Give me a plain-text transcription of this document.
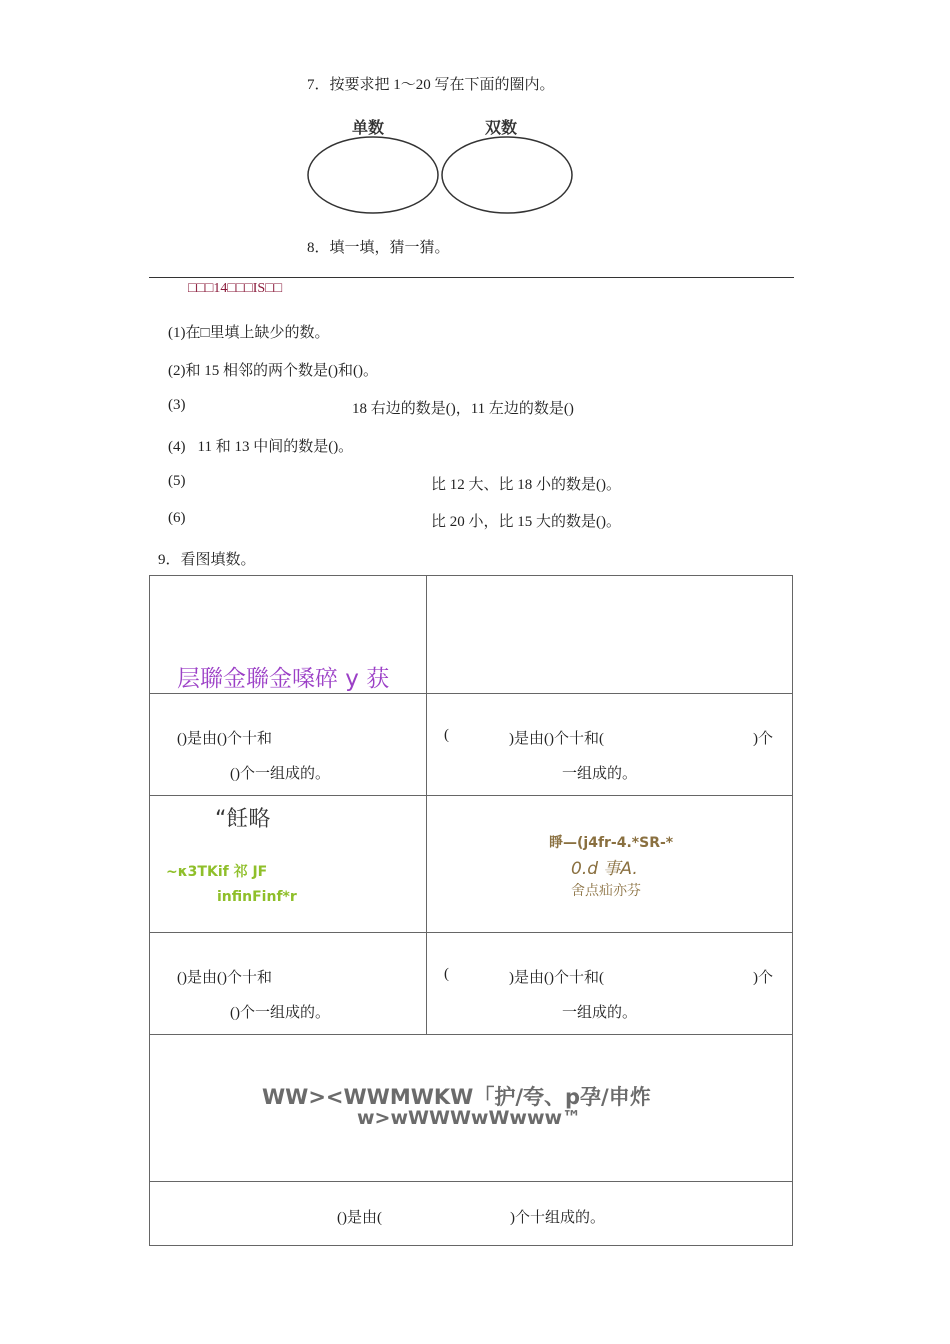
7．按要求把 1～20 写在下面的圈内。
单数	双数
8．填一填，猜一猜。
□□□14□□□IS□□
(1)在□里填上缺少的数。
(2)和 15 相邻的两个数是()和()。
(3)	18 右边的数是()，11 左边的数是()
(4) 11 和 13 中间的数是()。
(5)	比 12 大、比 18 小的数是()。
(6)	比 20 小，比 15 大的数是()。
9．看图填数。
层聯金聯金嗓碎 y 获
()是由()个十和
()个一组成的。
(	)是由()个十和(	)个
一组成的。
“飪略
~κ3TKif 祁 JF
infinFinf*r
睜—(j4fr-4.*SR-*
0.d 事A.
舍点疝亦芬
()是由()个十和
()个一组成的。
(	)是由()个十和(	)个
一组成的。
WW><WWMWKW「护/夸、p孕/申炸
w>wWWWwWwww™
()是由(	)个十组成的。
